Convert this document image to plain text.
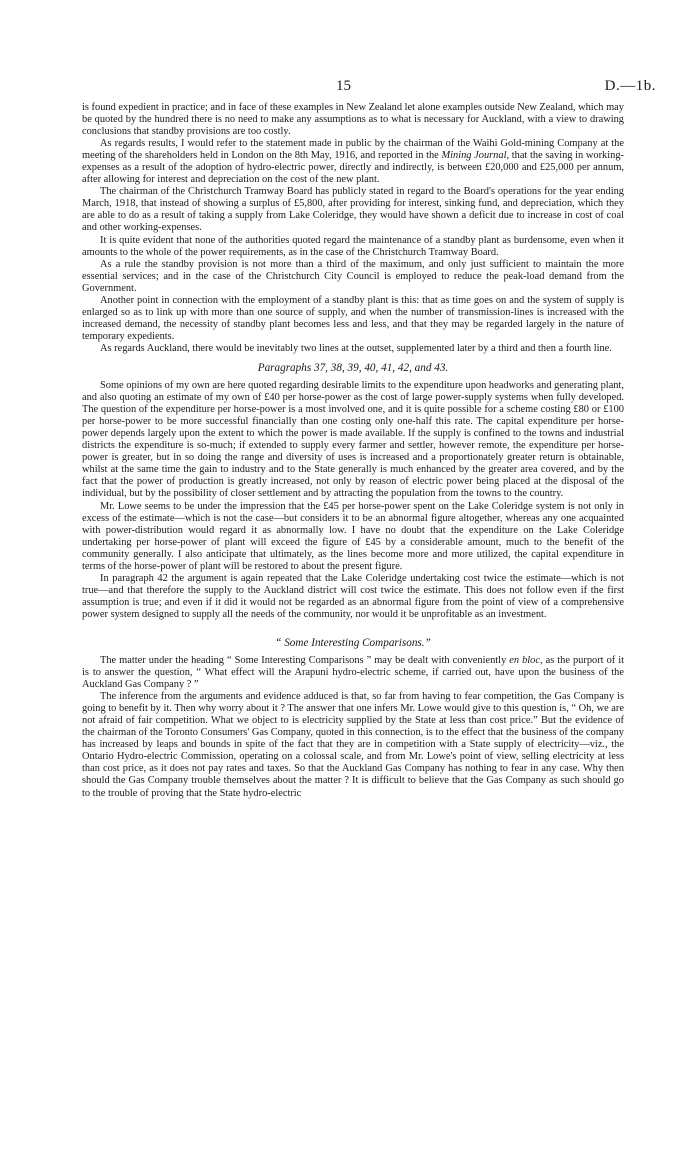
15	D.—1b.

is found expedient in practice; and in face of these examples in New Zealand let alone examples outside New Zealand, which may be quoted by the hundred there is no need to make any assumptions as to what is necessary for Auckland, with a view to drawing conclusions that standby provisions are too costly.

As regards results, I would refer to the statement made in public by the chairman of the Waihi Gold-mining Company at the meeting of the shareholders held in London on the 8th May, 1916, and reported in the Mining Journal, that the saving in working-expenses as a result of the adoption of hydro-electric power, directly and indirectly, is between £20,000 and £25,000 per annum, after allowing for interest and depreciation on the cost of the new plant.

The chairman of the Christchurch Tramway Board has publicly stated in regard to the Board's operations for the year ending March, 1918, that instead of showing a surplus of £5,800, after providing for interest, sinking fund, and depreciation, which they are able to do as a result of taking a supply from Lake Coleridge, they would have shown a deficit due to increase in cost of coal and other working-expenses.

It is quite evident that none of the authorities quoted regard the maintenance of a standby plant as burdensome, even when it amounts to the whole of the power requirements, as in the case of the Christchurch Tramway Board.

As a rule the standby provision is not more than a third of the maximum, and only just sufficient to maintain the more essential services; and in the case of the Christchurch City Council is employed to reduce the peak-load demand from the Government.

Another point in connection with the employment of a standby plant is this: that as time goes on and the system of supply is enlarged so as to link up with more than one source of supply, and when the number of transmission-lines is increased with the increased demand, the necessity of standby plant becomes less and less, and that they may be regarded largely in the nature of temporary expedients.

As regards Auckland, there would be inevitably two lines at the outset, supplemented later by a third and then a fourth line.

Paragraphs 37, 38, 39, 40, 41, 42, and 43.

Some opinions of my own are here quoted regarding desirable limits to the expenditure upon headworks and generating plant, and also quoting an estimate of my own of £40 per horse-power as the cost of large power-supply systems when fully developed. The question of the expenditure per horse-power is a most involved one, and it is quite possible for a scheme costing £80 or £100 per horse-power to be more successful financially than one costing only one-half this rate. The capital expenditure per horse-power depends largely upon the extent to which the power is made available. If the supply is confined to the towns and industrial districts the expenditure is so-much; if extended to supply every farmer and settler, however remote, the expenditure per horse-power is greater, but in so doing the range and diversity of uses is increased and a proportionately greater return is obtainable, whilst at the same time the gain to industry and to the State generally is much enhanced by the greater area covered, and by the fact that the power of production is greatly increased, not only by reason of electric power being placed at the disposal of the individual, but by the possibility of closer settlement and by attracting the population from the towns to the country.

Mr. Lowe seems to be under the impression that the £45 per horse-power spent on the Lake Coleridge system is not only in excess of the estimate—which is not the case—but considers it to be an abnormal figure altogether, whereas any one acquainted with power-distribution would regard it as abnormally low. I have no doubt that the expenditure on the Lake Coleridge undertaking per horse-power of plant will exceed the figure of £45 by a considerable amount, much to the benefit of the community generally. I also anticipate that ultimately, as the lines become more and more utilized, the capital expenditure in terms of the horse-power of plant will be restored to about the present figure.

In paragraph 42 the argument is again repeated that the Lake Coleridge undertaking cost twice the estimate—which is not true—and that therefore the supply to the Auckland district will cost twice the estimate. This does not follow even if the first assumption is true; and even if it did it would not be regarded as an abnormal figure from the point of view of a comprehensive power system designed to supply all the needs of the community, nor would it be unprofitable as an investment.

“ Some Interesting Comparisons.”

The matter under the heading “ Some Interesting Comparisons ” may be dealt with conveniently en bloc, as the purport of it is to answer the question, “ What effect will the Arapuni hydro-electric scheme, if carried out, have upon the business of the Auckland Gas Company ? ”

The inference from the arguments and evidence adduced is that, so far from having to fear competition, the Gas Company is going to benefit by it. Then why worry about it ? The answer that one infers Mr. Lowe would give to this question is, “ Oh, we are not afraid of fair competition. What we object to is electricity supplied by the State at less than cost price.” But the evidence of the chairman of the Toronto Consumers' Gas Company, quoted in this connection, is to the effect that the business of the company has increased by leaps and bounds in spite of the fact that they are in competition with a State supply of electricity—viz., the Ontario Hydro-electric Commission, operating on a colossal scale, and from Mr. Lowe's point of view, selling electricity at less than cost price, as it does not pay rates and taxes. So that the Auckland Gas Company has nothing to fear in any case. Why then should the Gas Company trouble themselves about the matter ? It is difficult to believe that the Gas Company as such should go to the trouble of proving that the State hydro-electric
